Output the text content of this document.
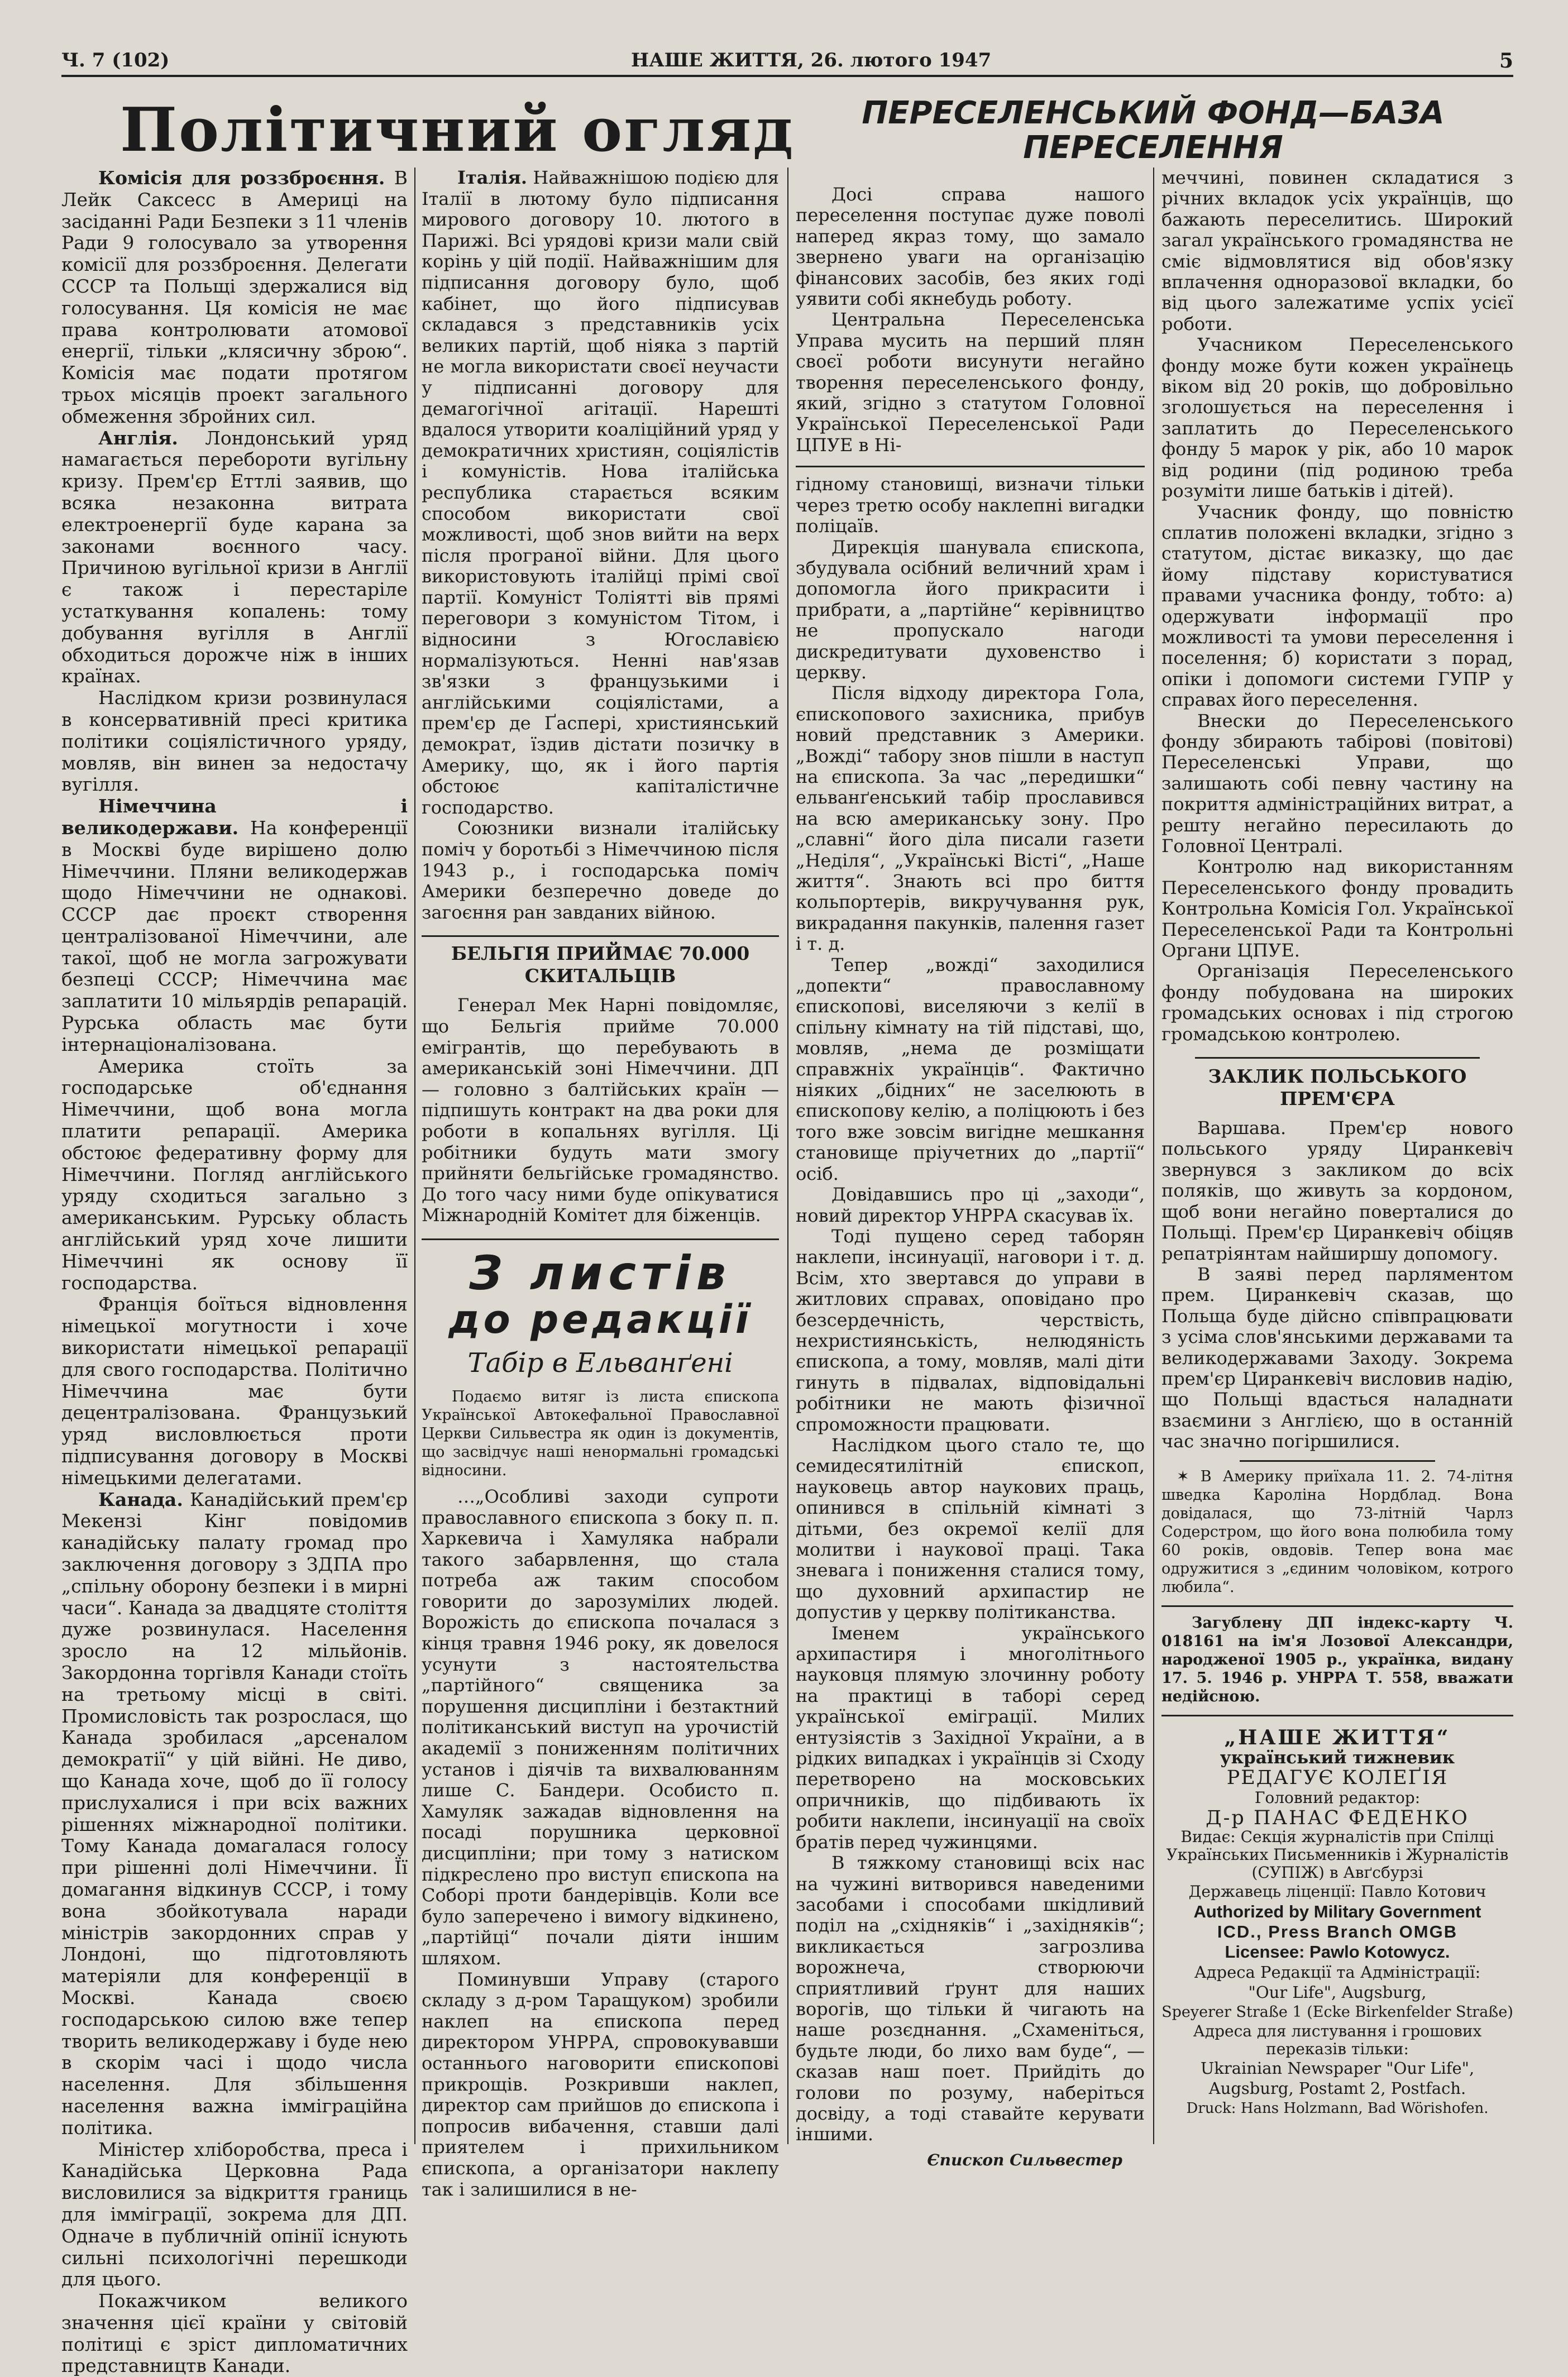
Ч. 7 (102)	НАШЕ ЖИТТЯ, 26. лютого 1947	5
Політичний огляд

Комісія для роззброєння. В Лейк Саксесс в Америці на засіданні Ради Безпеки з 11 членів Ради 9 голосувало за утворення комісії для роззброєння. Делегати СССР та Польщі здержалися від голосування. Ця комісія не має права контролювати атомової енергії, тільки „клясичну зброю“. Комісія має подати протягом трьох місяців проект загального обмеження збройних сил.

Англія. Лондонський уряд намагається перебороти вугільну кризу. Прем'єр Еттлі заявив, що всяка незаконна витрата електроенергії буде карана за законами воєнного часу. Причиною вугільної кризи в Англії є також і перестаріле устаткування копалень: тому добування вугілля в Англії обходиться дорожче ніж в інших країнах.

Наслідком кризи розвинулася в консервативній пресі критика політики соціялістичного уряду, мовляв, він винен за недостачу вугілля.

Німеччина і великодержави. На конференції в Москві буде вирішено долю Німеччини. Пляни великодержав щодо Німеччини не однакові. СССР дає проєкт створення централізованої Німеччини, але такої, щоб не могла загрожувати безпеці СССР; Німеччина має заплатити 10 мільярдів репарацій. Рурська область має бути інтернаціоналізована.

Америка стоїть за господарське об'єднання Німеччини, щоб вона могла платити репарації. Америка обстоює федеративну форму для Німеччини. Погляд англійського уряду сходиться загально з американським. Рурську область англійський уряд хоче лишити Німеччині як основу її господарства.

Франція боїться відновлення німецької могутности і хоче використати німецької репарації для свого господарства. Політично Німеччина має бути децентралізована. Французький уряд висловлюється проти підписування договору в Москві німецькими делегатами.

Канада. Канадійський прем'єр Мекензі Кінг повідомив канадійську палату громад про заключення договору з ЗДПА про „спільну оборону безпеки і в мирні часи“. Канада за двадцяте століття дуже розвинулася. Населення зросло на 12 мільйонів. Закордонна торгівля Канади стоїть на третьому місці в світі. Промисловість так розрослася, що Канада зробилася „арсеналом демократії“ у цій війні. Не диво, що Канада хоче, щоб до її голосу прислухалися і при всіх важних рішеннях міжнародної політики. Тому Канада домагалася голосу при рішенні долі Німеччини. Її домагання відкинув СССР, і тому вона збойкотувала наради міністрів закордонних справ у Лондоні, що підготовляють матеріяли для конференції в Москві. Канада своєю господарською силою вже тепер творить великодержаву і буде нею в скорім часі і щодо числа населення. Для збільшення населення важна імміграційна політика.

Міністер хліборобства, преса і Канадійська Церковна Рада висловилися за відкриття границь для імміграції, зокрема для ДП. Одначе в публичній опінії існують сильні психологічні перешкоди для цього.

Покажчиком великого значення цієї країни у світовій політиці є зріст дипломатичних представництв Канади.

Італія. Найважнішою подією для Італії в лютому було підписання мирового договору 10. лютого в Парижі. Всі урядові кризи мали свій корінь у цій події. Найважнішим для підписання договору було, щоб кабінет, що його підписував складався з представників усіх великих партій, щоб ніяка з партій не могла використати своєї неучасти у підписанні договору для демагогічної агітації. Нарешті вдалося утворити коаліційний уряд у демократичних християн, соціялістів і комуністів. Нова італійська республика старається всяким способом використати свої можливості, щоб знов вийти на верх після програної війни. Для цього використовують італійці прімі свої партії. Комуніст Толіятті вів прямі переговори з комуністом Тітом, і відносини з Югославією нормалізуються. Ненні нав'язав зв'язки з французькими і англійськими соціялістами, а прем'єр де Ґаспері, християнський демократ, їздив дістати позичку в Америку, що, як і його партія обстоює капіталістичне господарство.

Союзники визнали італійську поміч у боротьбі з Німеччиною після 1943 р., і господарська поміч Америки безперечно доведе до загоєння ран завданих війною.

БЕЛЬГІЯ ПРИЙМАЄ 70.000 СКИТАЛЬЦІВ

Генерал Мек Нарні повідомляє, що Бельгія прийме 70.000 емігрантів, що перебувають в американській зоні Німеччини. ДП — головно з балтійських країн — підпишуть контракт на два роки для роботи в копальнях вугілля. Ці робітники будуть мати змогу прийняти бельгійське громадянство. До того часу ними буде опікуватися Міжнародній Комітет для біженців.

З листів
до редакції
Табір в Ельванґені

Подаємо витяг із листа єпископа Української Автокефальної Православної Церкви Сильвестра як один із документів, що засвідчує наші ненормальні громадські відносини.

…„Особливі заходи супроти православного єпископа з боку п. п. Харкевича і Хамуляка набрали такого забарвлення, що стала потреба аж таким способом говорити до зарозумілих людей. Ворожість до єпископа почалася з кінця травня 1946 року, як довелося усунути з настоятельства „партійного“ священика за порушення дисципліни і безтактний політиканський виступ на урочистій академії з пониженням політичних установ і діячів та вихвалюванням лише С. Бандери. Особисто п. Хамуляк зажадав відновлення на посаді порушника церковної дисципліни; при тому з натиском підкреслено про виступ єпископа на Соборі проти бандерівців. Коли все було заперечено і вимогу відкинено, „партійці“ почали діяти іншим шляхом.

Поминувши Управу (старого складу з д-ром Таращуком) зробили наклеп на єпископа перед директором УНРРА, спровокувавши останнього наговорити єпископові прикрощів. Розкривши наклеп, директор сам прийшов до єпископа і попросив вибачення, ставши далі приятелем і прихильником єпископа, а організатори наклепу так і залишилися в не-

ПЕРЕСЕЛЕНСЬКИЙ ФОНД—БАЗА
ПЕРЕСЕЛЕННЯ

Досі справа нашого переселення поступає дуже поволі наперед якраз тому, що замало звернено уваги на організацію фінансових засобів, без яких годі уявити собі якнебудь роботу.

Центральна Переселенська Управа мусить на перший плян своєї роботи висунути негайно творення переселенського фонду, який, згідно з статутом Головної Української Переселенської Ради ЦПУЕ в Ні-

гідному становищі, визначи тільки через третю особу наклепні вигадки поліцаїв.

Дирекція шанувала єпископа, збудувала осібний величний храм і допомогла його прикрасити і прибрати, а „партійне“ керівництво не пропускало нагоди дискредитувати духовенство і церкву.

Після відходу директора Гола, єпископового захисника, прибув новий представник з Америки. „Вожді“ табору знов пішли в наступ на єпископа. За час „передишки“ ельванґенський табір прославився на всю американську зону. Про „славні“ його діла писали газети „Неділя“, „Українські Вісті“, „Наше життя“. Знають всі про биття кольпортерів, викручування рук, викрадання пакунків, палення газет і т. д.

Тепер „вожді“ заходилися „допекти“ православному єпископові, виселяючи з келії в спільну кімнату на тій підставі, що, мовляв, „нема де розміщати справжніх українців“. Фактично ніяких „бідних“ не заселюють в єпископову келію, а поліцюють і без того вже зовсім вигідне мешкання становище пріучетних до „партії“ осіб.

Довідавшись про ці „заходи“, новий директор УНРРА скасував їх.

Тоді пущено серед таборян наклепи, інсинуації, наговори і т. д. Всім, хто звертався до управи в житлових справах, оповідано про безсердечність, черствість, нехристиянськість, нелюдяність єпископа, а тому, мовляв, малі діти гинуть в підвалах, відповідальні робітники не мають фізичної спроможности працювати.

Наслідком цього стало те, що семидесятилітній єпископ, науковець автор наукових праць, опинився в спільній кімнаті з дітьми, без окремої келії для молитви і наукової праці. Така зневага і пониження сталися тому, що духовний архипастир не допустив у церкву політиканства.

Іменем українського архипастиря і многолітнього науковця плямую злочинну роботу на практиці в таборі серед української еміграції. Милих ентузіястів з Західної України, а в рідких випадках і українців зі Сходу перетворено на московських опричників, що підбивають їх робити наклепи, інсинуації на своїх братів перед чужинцями.

В тяжкому становищі всіх нас на чужині витворився наведеними засобами і способами шкідливий поділ на „східняків“ і „західняків“; викликається загрозлива ворожнеча, створюючи сприятливий ґрунт для наших ворогів, що тільки й чигають на наше розєднання. „Схаменіться, будьте люди, бо лихо вам буде“, — сказав наш поет. Прийдіть до голови по розуму, наберіться досвіду, а тоді ставайте керувати іншими.

Єпископ Сильвестер

меччині, повинен складатися з річних вкладок усіх українців, що бажають переселитись. Широкий загал українського громадянства не сміє відмовлятися від обов'язку вплачення одноразової вкладки, бо від цього залежатиме успіх усієї роботи.

Учасником Переселенського фонду може бути кожен українець віком від 20 років, що добровільно зголошується на переселення і заплатить до Переселенського фонду 5 марок у рік, або 10 марок від родини (під родиною треба розуміти лише батьків і дітей).

Учасник фонду, що повністю сплатив положені вкладки, згідно з статутом, дістає виказку, що дає йому підставу користуватися правами учасника фонду, тобто: а) одержувати інформації про можливості та умови переселення і поселення; б) користати з порад, опіки і допомоги системи ГУПР у справах його переселення.

Внески до Переселенського фонду збирають табірові (повітові) Переселенські Управи, що залишають собі певну частину на покриття адміністраційних витрат, а решту негайно пересилають до Головної Централі.

Контролю над використанням Переселенського фонду провадить Контрольна Комісія Гол. Української Переселенської Ради та Контрольні Органи ЦПУЕ.

Організація Переселенського фонду побудована на широких громадських основах і під строгою громадською контролею.

ЗАКЛИК ПОЛЬСЬКОГО ПРЕМ'ЄРА

Варшава. Прем'єр нового польського уряду Циранкевіч звернувся з закликом до всіх поляків, що живуть за кордоном, щоб вони негайно поверталися до Польщі. Прем'єр Циранкевіч обіцяв репатріянтам найширшу допомогу.

В заяві перед парляментом прем. Циранкевіч сказав, що Польща буде дійсно співпрацювати з усіма слов'янськими державами та великодержавами Заходу. Зокрема прем'єр Циранкевіч висловив надію, що Польщі вдасться наладнати взаємини з Англією, що в останній час значно погіршилися.

✶ В Америку приїхала 11. 2. 74-літня шведка Кароліна Нордблад. Вона довідалася, що 73-літній Чарлз Содерстром, що його вона полюбила тому 60 років, овдовів. Тепер вона має одружитися з „єдиним чоловіком, котрого любила“.

Загублену ДП індекс-карту Ч. 018161 на ім'я Лозової Александри, народженої 1905 р., українка, видану 17. 5. 1946 р. УНРРА Т. 558, вважати недійсною.

„НАШЕ ЖИТТЯ“
український тижневик
РЕДАГУЄ КОЛЕҐІЯ
Головний редактор:
Д-р ПАНАС ФЕДЕНКО
Видає: Секція журналістів при Спілці Українських Письменників і Журналістів (СУПІЖ) в Авґсбурзі
Державець ліценції: Павло Котович
Authorized by Military Government
ICD., Press Branch OMGB
Licensee: Pawlo Kotowycz.
Адреса Редакції та Адміністрації:
"Our Life", Augsburg,
Speyerer Straße 1 (Ecke Birkenfelder Straße)
Адреса для листування і грошових переказів тільки:
Ukrainian Newspaper "Our Life",
Augsburg, Postamt 2, Postfach.
Druck: Hans Holzmann, Bad Wörishofen.
